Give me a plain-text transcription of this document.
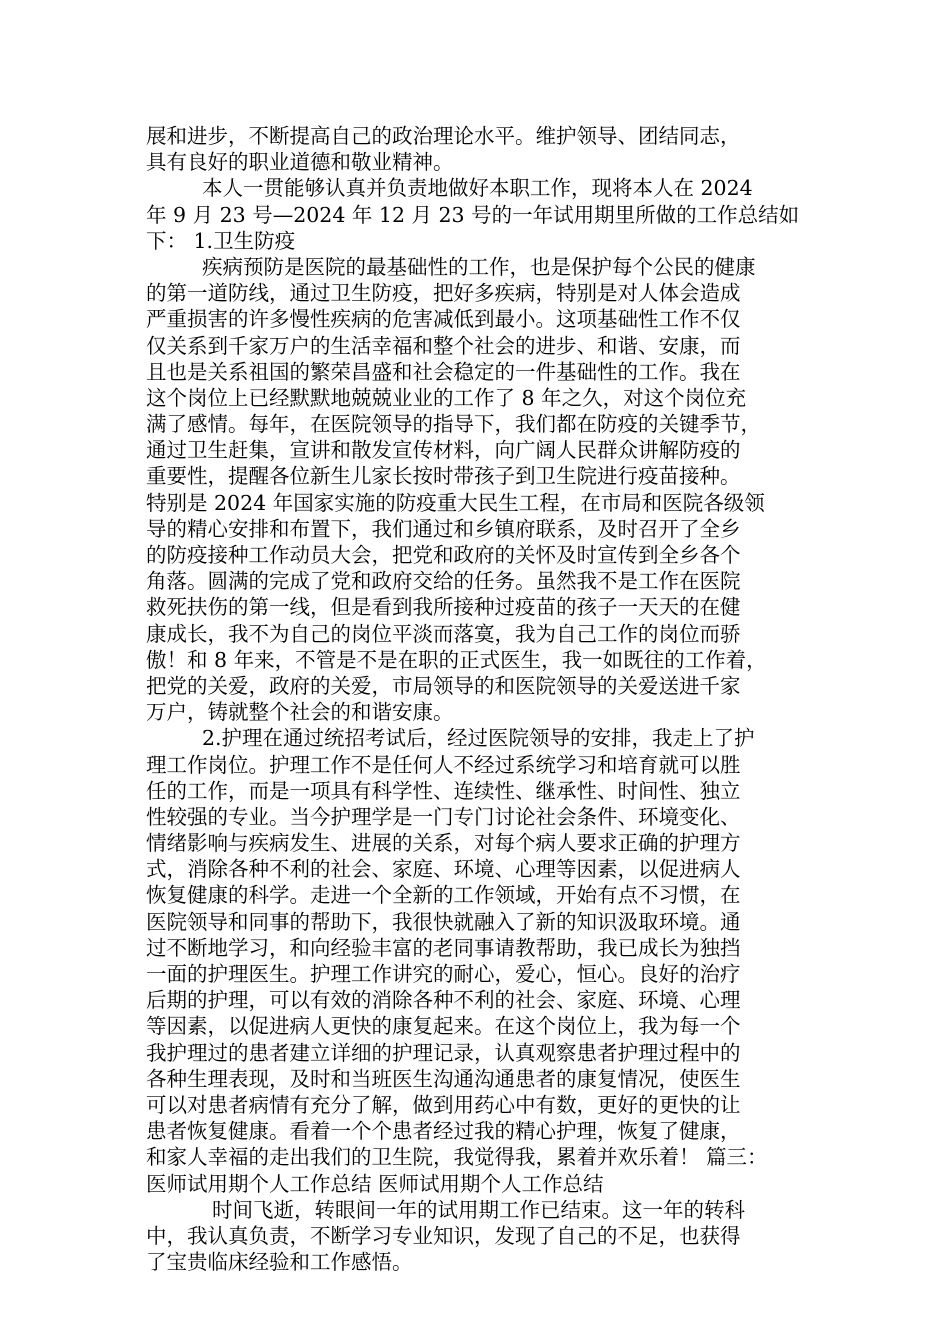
展和进步，不断提高自己的政治理论水平。维护领导、团结同志，
具有良好的职业道德和敬业精神。
本人一贯能够认真并负责地做好本职工作，现将本人在 2024
年 9 月 23 号—2024 年 12 月 23 号的一年试用期里所做的工作总结如
下： 1.卫生防疫
疾病预防是医院的最基础性的工作，也是保护每个公民的健康
的第一道防线，通过卫生防疫，把好多疾病，特别是对人体会造成
严重损害的许多慢性疾病的危害减低到最小。这项基础性工作不仅
仅关系到千家万户的生活幸福和整个社会的进步、和谐、安康，而
且也是关系祖国的繁荣昌盛和社会稳定的一件基础性的工作。我在
这个岗位上已经默默地兢兢业业的工作了 8 年之久，对这个岗位充
满了感情。每年，在医院领导的指导下，我们都在防疫的关键季节，
通过卫生赶集，宣讲和散发宣传材料，向广阔人民群众讲解防疫的
重要性，提醒各位新生儿家长按时带孩子到卫生院进行疫苗接种。
特别是 2024 年国家实施的防疫重大民生工程，在市局和医院各级领
导的精心安排和布置下，我们通过和乡镇府联系，及时召开了全乡
的防疫接种工作动员大会，把党和政府的关怀及时宣传到全乡各个
角落。圆满的完成了党和政府交给的任务。虽然我不是工作在医院
救死扶伤的第一线，但是看到我所接种过疫苗的孩子一天天的在健
康成长，我不为自己的岗位平淡而落寞，我为自己工作的岗位而骄
傲！和 8 年来，不管是不是在职的正式医生，我一如既往的工作着，
把党的关爱，政府的关爱，市局领导的和医院领导的关爱送进千家
万户，铸就整个社会的和谐安康。
2.护理在通过统招考试后，经过医院领导的安排，我走上了护
理工作岗位。护理工作不是任何人不经过系统学习和培育就可以胜
任的工作，而是一项具有科学性、连续性、继承性、时间性、独立
性较强的专业。当今护理学是一门专门讨论社会条件、环境变化、
情绪影响与疾病发生、进展的关系，对每个病人要求正确的护理方
式，消除各种不利的社会、家庭、环境、心理等因素，以促进病人
恢复健康的科学。走进一个全新的工作领域，开始有点不习惯，在
医院领导和同事的帮助下，我很快就融入了新的知识汲取环境。通
过不断地学习，和向经验丰富的老同事请教帮助，我已成长为独挡
一面的护理医生。护理工作讲究的耐心，爱心，恒心。良好的治疗
后期的护理，可以有效的消除各种不利的社会、家庭、环境、心理
等因素，以促进病人更快的康复起来。在这个岗位上，我为每一个
我护理过的患者建立详细的护理记录，认真观察患者护理过程中的
各种生理表现，及时和当班医生沟通沟通患者的康复情况，使医生
可以对患者病情有充分了解，做到用药心中有数，更好的更快的让
患者恢复健康。看着一个个患者经过我的精心护理，恢复了健康，
和家人幸福的走出我们的卫生院，我觉得我，累着并欢乐着！ 篇三：
医师试用期个人工作总结 医师试用期个人工作总结
时间飞逝，转眼间一年的试用期工作已结束。这一年的转科
中，我认真负责，不断学习专业知识，发现了自己的不足，也获得
了宝贵临床经验和工作感悟。
